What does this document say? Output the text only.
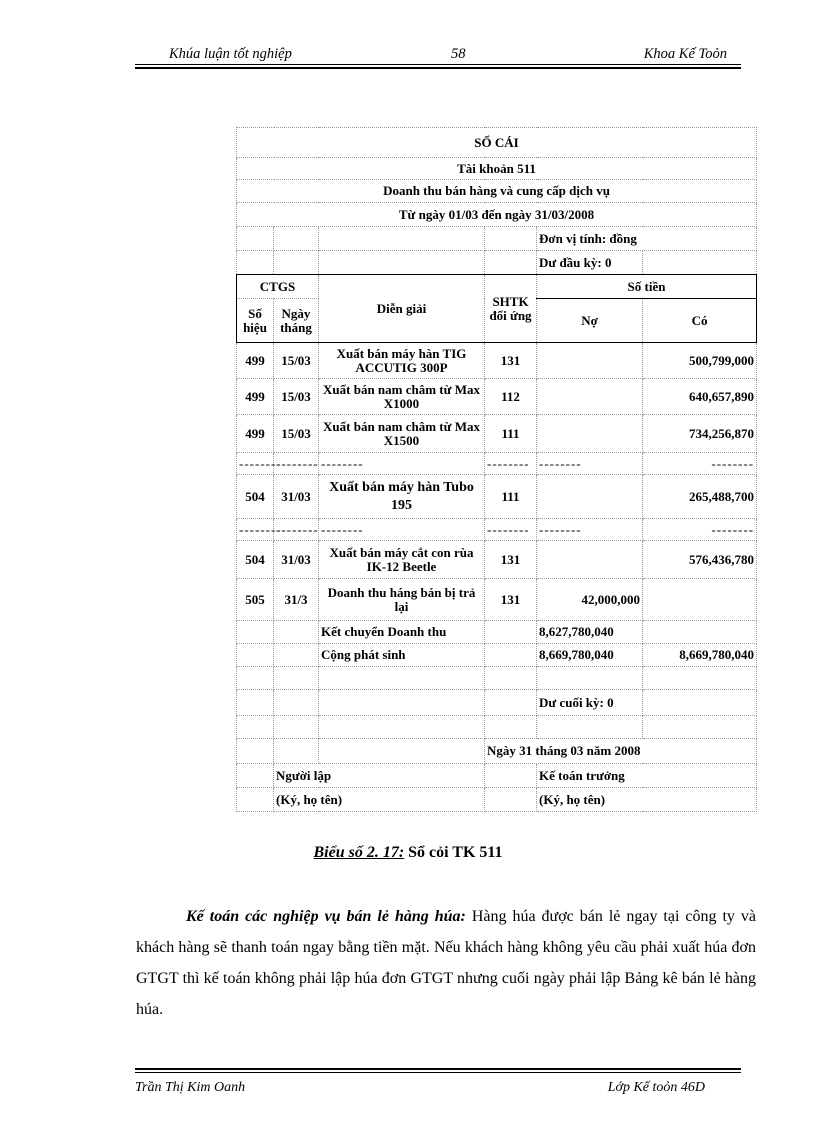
Khúa luận tốt nghiệp	58	Khoa Kế Toỏn
SỔ CÁI					
Tài khoản 511					
Doanh thu bán hàng và cung cấp dịch vụ					
Từ ngày 01/03 đến ngày 31/03/2008					
				Đơn vị tính: đồng	
				Dư đầu kỳ: 0	
CTGS		Diễn giải	SHTK đối ứng	Số tiền	
Số hiệu	Ngày tháng			Nợ	Có
499	15/03	Xuất bán máy hàn TIG ACCUTIG 300P	131		500,799,000
499	15/03	Xuất bán nam châm từ Max X1000	112		640,657,890
499	15/03	Xuất bán nam châm từ Max X1500	111		734,256,870
--------	--------	--------	--------	--------	--------
504	31/03	Xuất bán máy hàn Tubo 195	111		265,488,700
--------	--------	--------	--------	--------	--------
504	31/03	Xuất bán máy cắt con rùa IK-12 Beetle	131		576,436,780
505	31/3	Doanh thu háng bán bị trả lại	131	42,000,000	
		Kết chuyển Doanh thu		8,627,780,040	
		Cộng phát sinh		8,669,780,040	8,669,780,040

				Dư cuối kỳ: 0	

			Ngày 31 tháng 03 năm 2008		
	Người lập			Kế toán trưởng	
	(Ký, họ tên)			(Ký, họ tên)	
Biểu số 2. 17: Sổ cỏi TK 511
Kế toán các nghiệp vụ bán lẻ hàng húa: Hàng húa được bán lẻ ngay tại công ty và khách hàng sẽ thanh toán ngay bằng tiền mặt. Nếu khách hàng không yêu cầu phải xuất húa đơn GTGT thì kế toán không phải lập húa đơn GTGT nhưng cuối ngày phải lập Bảng kê bán lẻ hàng húa.
Trần Thị Kim Oanh	Lớp Kế toỏn 46D
